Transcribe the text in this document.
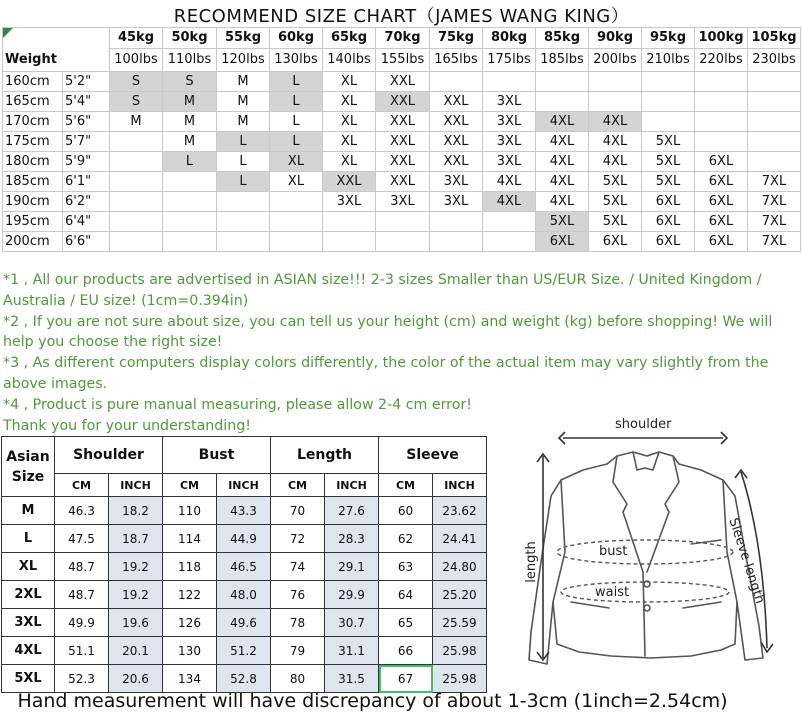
RECOMMEND SIZE CHART（JAMES WANG KING）
Weight		45kg	50kg	55kg	60kg	65kg	70kg	75kg	80kg	85kg	90kg	95kg	100kg	105kg
		100lbs	110lbs	120lbs	130lbs	140lbs	155lbs	165lbs	175lbs	185lbs	200lbs	210lbs	220lbs	230lbs
160cm	5'2"	S	S	M	L	XL	XXL							
165cm	5'4"	S	M	M	L	XL	XXL	XXL	3XL					
170cm	5'6"	M	M	M	L	XL	XXL	XXL	3XL	4XL	4XL			
175cm	5'7"		M	L	L	XL	XXL	XXL	3XL	4XL	4XL	5XL		
180cm	5'9"		L	L	XL	XL	XXL	XXL	3XL	4XL	4XL	5XL	6XL	
185cm	6'1"			L	XL	XXL	XXL	3XL	4XL	4XL	5XL	5XL	6XL	7XL
190cm	6'2"					3XL	3XL	3XL	4XL	4XL	5XL	6XL	6XL	7XL
195cm	6'4"									5XL	5XL	6XL	6XL	7XL
200cm	6'6"									6XL	6XL	6XL	6XL	7XL

*1 , All our products are advertised in ASIAN size!!! 2-3 sizes Smaller than US/EUR Size. / United Kingdom / Australia / EU size! (1cm=0.394in)

*2 , If you are not sure about size, you can tell us your height (cm) and weight (kg) before shopping! We will help you choose the right size!

*3 , As different computers display colors differently, the color of the actual item may vary slightly from the above images.

*4 , Product is pure manual measuring, please allow 2-4 cm error!

Thank you for your understanding!

Asian Size	Shoulder		Bust		Length		Sleeve	
	CM	INCH	CM	INCH	CM	INCH	CM	INCH
M	46.3	18.2	110	43.3	70	27.6	60	23.62
L	47.5	18.7	114	44.9	72	28.3	62	24.41
XL	48.7	19.2	118	46.5	74	29.1	63	24.80
2XL	48.7	19.2	122	48.0	76	29.9	64	25.20
3XL	49.9	19.6	126	49.6	78	30.7	65	25.59
4XL	51.1	20.1	130	51.2	79	31.1	66	25.98
5XL	52.3	20.6	134	52.8	80	31.5	67	25.98
shoulder
bust
waist
length	Sleeve length
Hand measurement will have discrepancy of about 1-3cm (1inch=2.54cm)
